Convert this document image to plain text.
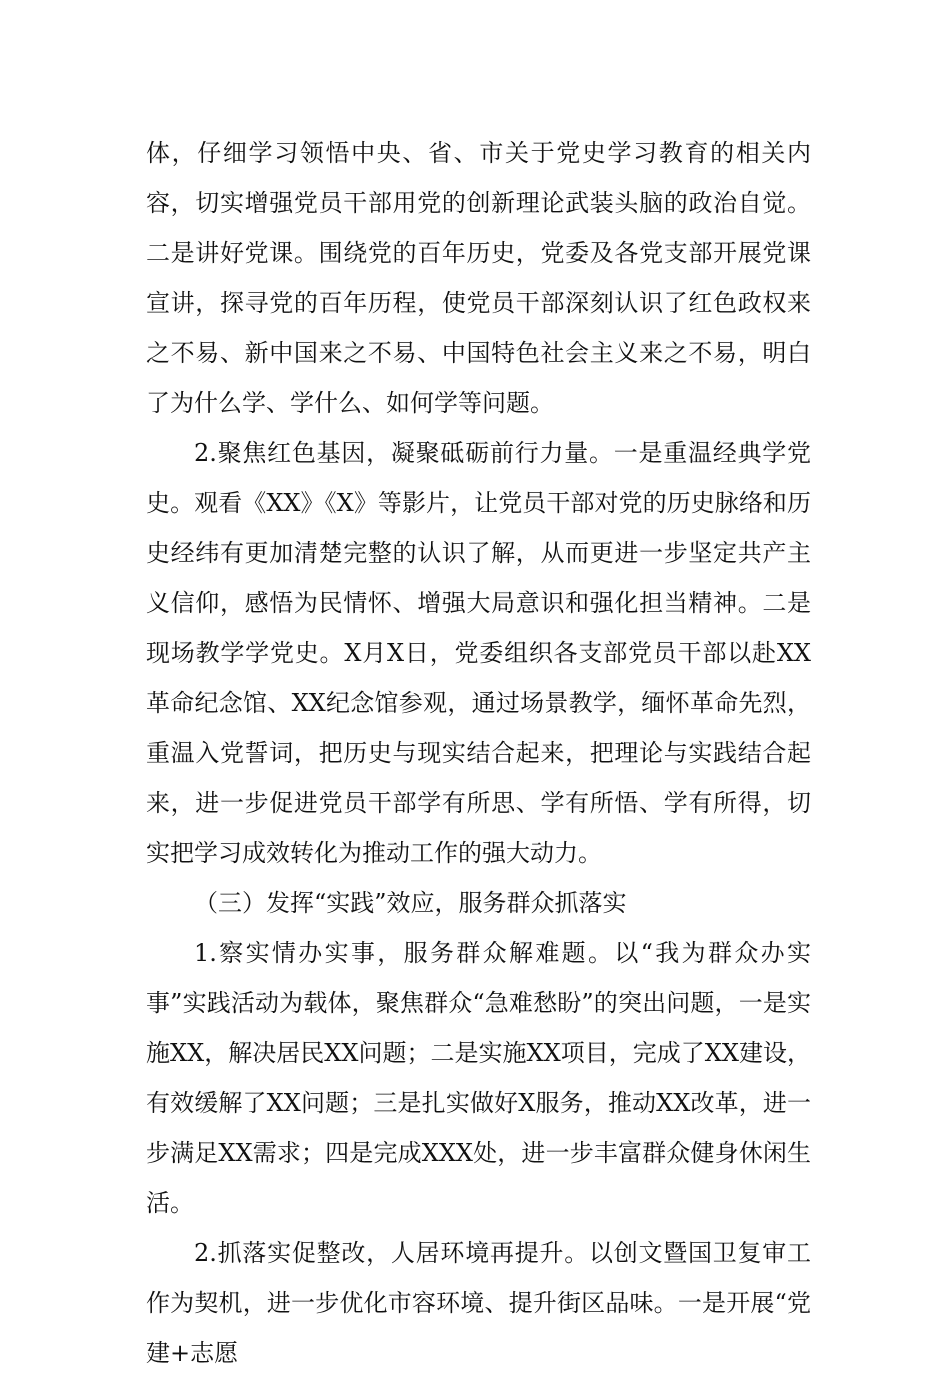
体，仔细学习领悟中央、省、市关于党史学习教育的相关内容，切实增强党员干部用党的创新理论武装头脑的政治自觉。二是讲好党课。围绕党的百年历史，党委及各党支部开展党课宣讲，探寻党的百年历程，使党员干部深刻认识了红色政权来之不易、新中国来之不易、中国特色社会主义来之不易，明白了为什么学、学什么、如何学等问题。

2.聚焦红色基因，凝聚砥砺前行力量。一是重温经典学党史。观看《XX》《X》等影片，让党员干部对党的历史脉络和历史经纬有更加清楚完整的认识了解，从而更进一步坚定共产主义信仰，感悟为民情怀、增强大局意识和强化担当精神。二是现场教学学党史。X月X日，党委组织各支部党员干部以赴XX革命纪念馆、XX纪念馆参观，通过场景教学，缅怀革命先烈，重温入党誓词，把历史与现实结合起来，把理论与实践结合起来，进一步促进党员干部学有所思、学有所悟、学有所得，切实把学习成效转化为推动工作的强大动力。

（三）发挥“实践”效应，服务群众抓落实

1.察实情办实事，服务群众解难题。以“我为群众办实事”实践活动为载体，聚焦群众“急难愁盼”的突出问题，一是实施XX，解决居民XX问题；二是实施XX项目，完成了XX建设，有效缓解了XX问题；三是扎实做好X服务，推动XX改革，进一步满足XX需求；四是完成XXX处，进一步丰富群众健身休闲生活。

2.抓落实促整改，人居环境再提升。以创文暨国卫复审工作为契机，进一步优化市容环境、提升街区品味。一是开展“党建+志愿
